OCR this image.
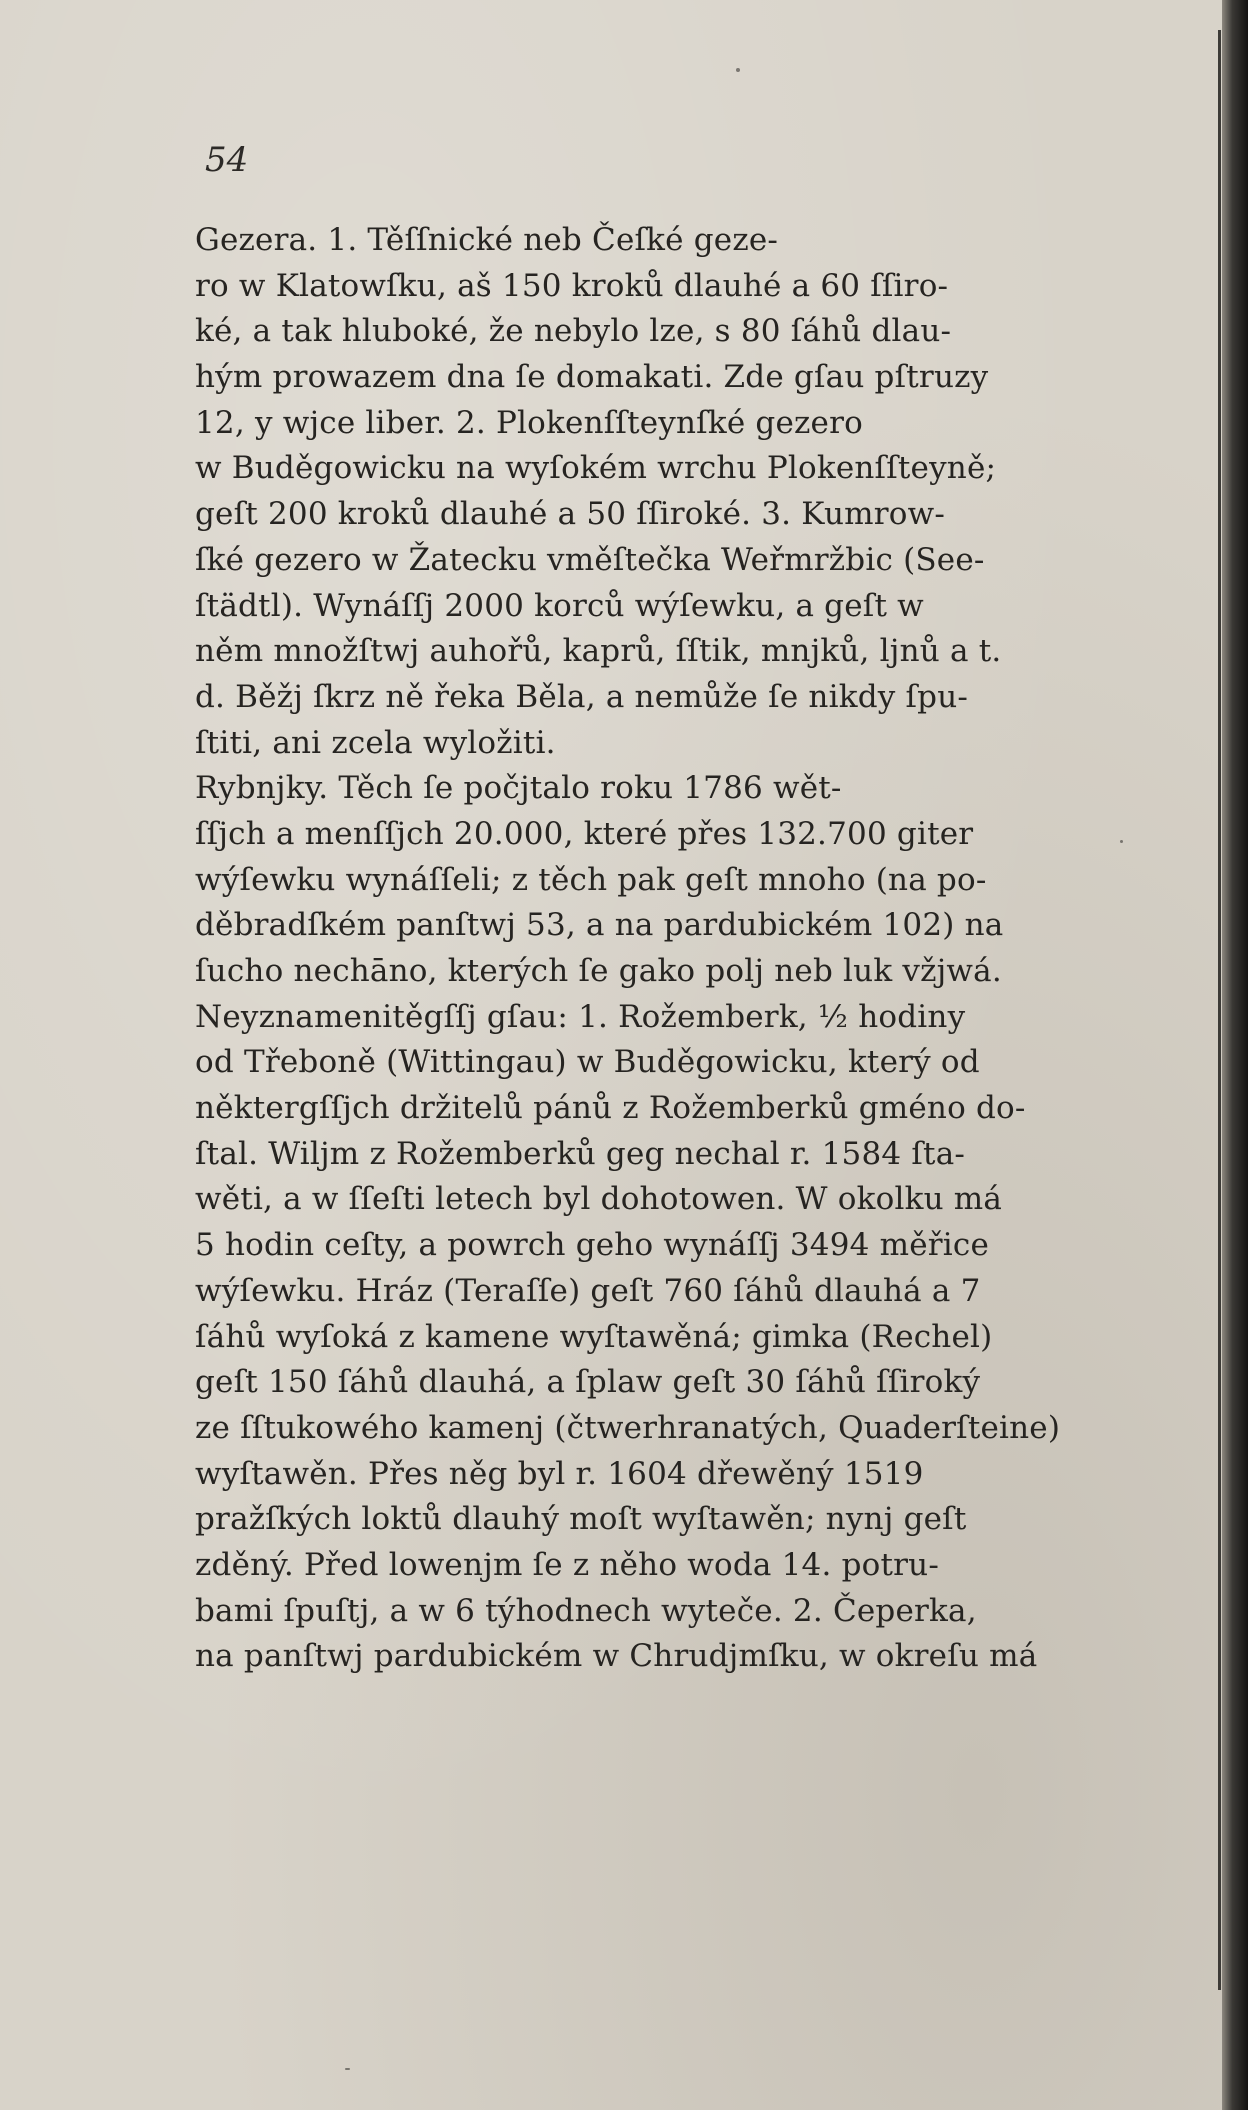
54
Gezera. 1. Těſſnické neb Čeſké geze-
ro w Klatowſku, aš 150 kroků dlauhé a 60 ſſiro-
ké, a tak hluboké, že nebylo lze, s 80 ſáhů dlau-
hým prowazem dna ſe domakati. Zde gſau pſtruzy
12, y wjce liber. 2. Plokenſſteynſké gezero
w Buděgowicku na wyſokém wrchu Plokenſſteyně;
geſt 200 kroků dlauhé a 50 ſſiroké. 3. Kumrow-
ſké gezero w Žatecku vměſtečka Weřmržbic (See-
ſtädtl). Wynáſſj 2000 korců wýſewku, a geſt w
něm množſtwj auhořů, kaprů, ſſtik, mnjků, ljnů a t.
d. Běžj ſkrz ně řeka Běla, a nemůže ſe nikdy ſpu-
ſtiti, ani zcela wyložiti.
Rybnjky. Těch ſe počjtalo roku 1786 wět-
ſſjch a menſſjch 20.000, které přes 132.700 giter
wýſewku wynáſſeli; z těch pak geſt mnoho (na po-
děbradſkém panſtwj 53, a na pardubickém 102) na
ſucho nechāno, kterých ſe gako polj neb luk vžjwá.
Neyznamenitěgſſj gſau: 1. Rožemberk, ½ hodiny
od Třeboně (Wittingau) w Buděgowicku, který od
některgſſjch držitelů pánů z Rožemberků gméno do-
ſtal. Wiljm z Rožemberků geg nechal r. 1584 ſta-
wěti, a w ſſeſti letech byl dohotowen. W okolku má
5 hodin ceſty, a powrch geho wynáſſj 3494 měřice
wýſewku. Hráz (Teraſſe) geſt 760 ſáhů dlauhá a 7
ſáhů wyſoká z kamene wyſtawěná; gimka (Rechel)
geſt 150 ſáhů dlauhá, a ſplaw geſt 30 ſáhů ſſiroký
ze ſſtukowého kamenj (čtwerhranatých, Quaderſteine)
wyſtawěn. Přes něg byl r. 1604 dřewěný 1519
pražſkých loktů dlauhý moſt wyſtawěn; nynj geſt
zděný. Před lowenjm ſe z něho woda 14. potru-
bami ſpuſtj, a w 6 týhodnech wyteče. 2. Čeperka,
na panſtwj pardubickém w Chrudjmſku, w okreſu má
